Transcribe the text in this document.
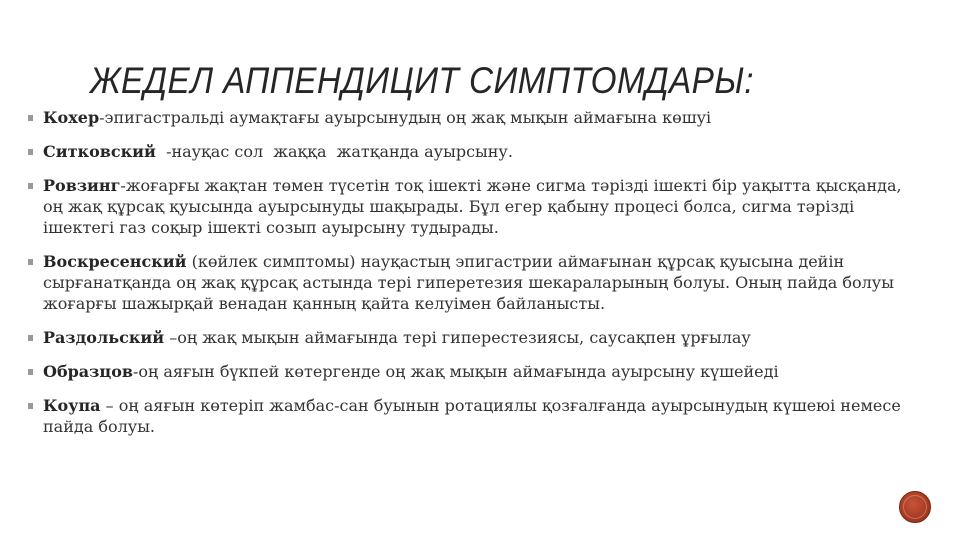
ЖЕДЕЛ АППЕНДИЦИТ СИМПТОМДАРЫ:
Кохер-эпигастральді аумақтағы ауырсынудың оң жақ мықын аймағына көшуі
Ситковский  -науқас сол  жаққа  жатқанда ауырсыну.
Ровзинг-жоғарғы жақтан төмен түсетін тоқ ішекті және сигма тәрізді ішекті бір уақытта қысқанда, оң жақ құрсақ қуысында ауырсынуды шақырады. Бұл егер қабыну процесі болса, сигма тәрізді ішектегі газ соқыр ішекті созып ауырсыну тудырады.
Воскресенский (көйлек симптомы) науқастың эпигастрии аймағынан құрсақ қуысына дейін сырғанатқанда оң жақ құрсақ астында тері гиперетезия шекараларының болуы. Оның пайда болуы жоғарғы шажырқай венадан қанның қайта келуімен байланысты.
Раздольский –оң жақ мықын аймағында тері гиперестезиясы, саусақпен ұрғылау
Образцов-оң аяғын бүкпей көтергенде оң жақ мықын аймағында ауырсыну күшейеді
Коупа – оң аяғын көтеріп жамбас-сан буынын ротациялы қозғалғанда ауырсынудың күшеюі немесе пайда болуы.
